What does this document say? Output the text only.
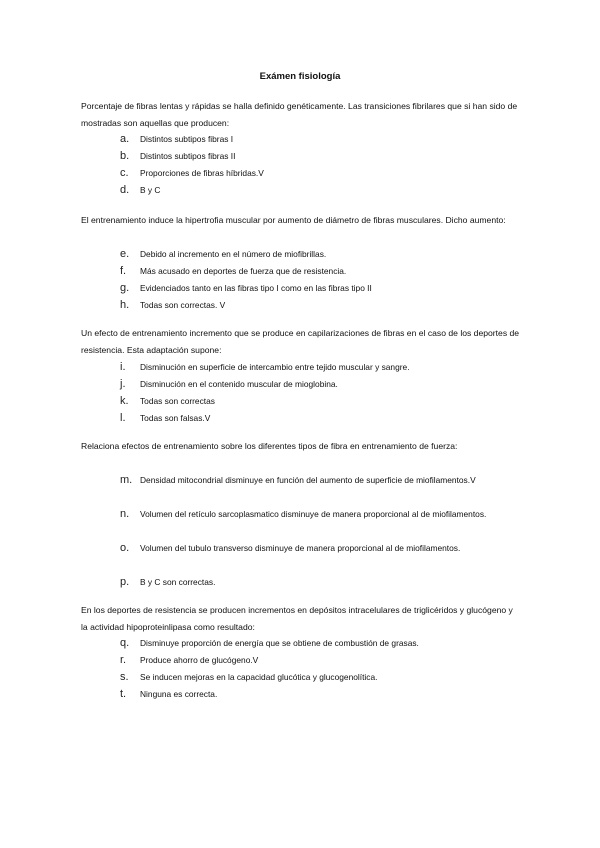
Exámen fisiología
Porcentaje de fibras lentas y rápidas se halla definido genéticamente. Las transiciones fibrilares que si han sido de mostradas son aquellas que producen:
a. Distintos subtipos fibras I
b. Distintos subtipos fibras II
c. Proporciones de fibras híbridas.V
d. B y C
El entrenamiento induce la hipertrofia muscular por aumento de diámetro de fibras musculares. Dicho aumento:
e. Debido al incremento en el número de miofibrillas.
f. Más acusado en deportes de fuerza que de resistencia.
g. Evidenciados tanto en las fibras tipo I como en las fibras tipo II
h. Todas son correctas. V
Un efecto de entrenamiento incremento que se produce en capilarizaciones de fibras en el caso de los deportes de resistencia. Esta adaptación supone:
i. Disminución en superficie de intercambio entre tejido muscular y sangre.
j. Disminución en el contenido muscular de mioglobina.
k. Todas son correctas
l. Todas son falsas.V
Relaciona efectos de entrenamiento sobre los diferentes tipos de fibra en entrenamiento de fuerza:
m. Densidad mitocondrial disminuye en función del aumento de superficie de miofilamentos.V
n. Volumen del retículo sarcoplasmatico disminuye de manera proporcional al de miofilamentos.
o. Volumen del tubulo transverso disminuye de manera proporcional al de miofilamentos.
p. B y C son correctas.
En los deportes de resistencia se producen incrementos en depósitos intracelulares de triglicéridos y glucógeno y la actividad hipoproteinlipasa como resultado:
q. Disminuye proporción de energía que se obtiene de combustión de grasas.
r. Produce ahorro de glucógeno.V
s. Se inducen mejoras en la capacidad glucótica y glucogenolítica.
t. Ninguna es correcta.
